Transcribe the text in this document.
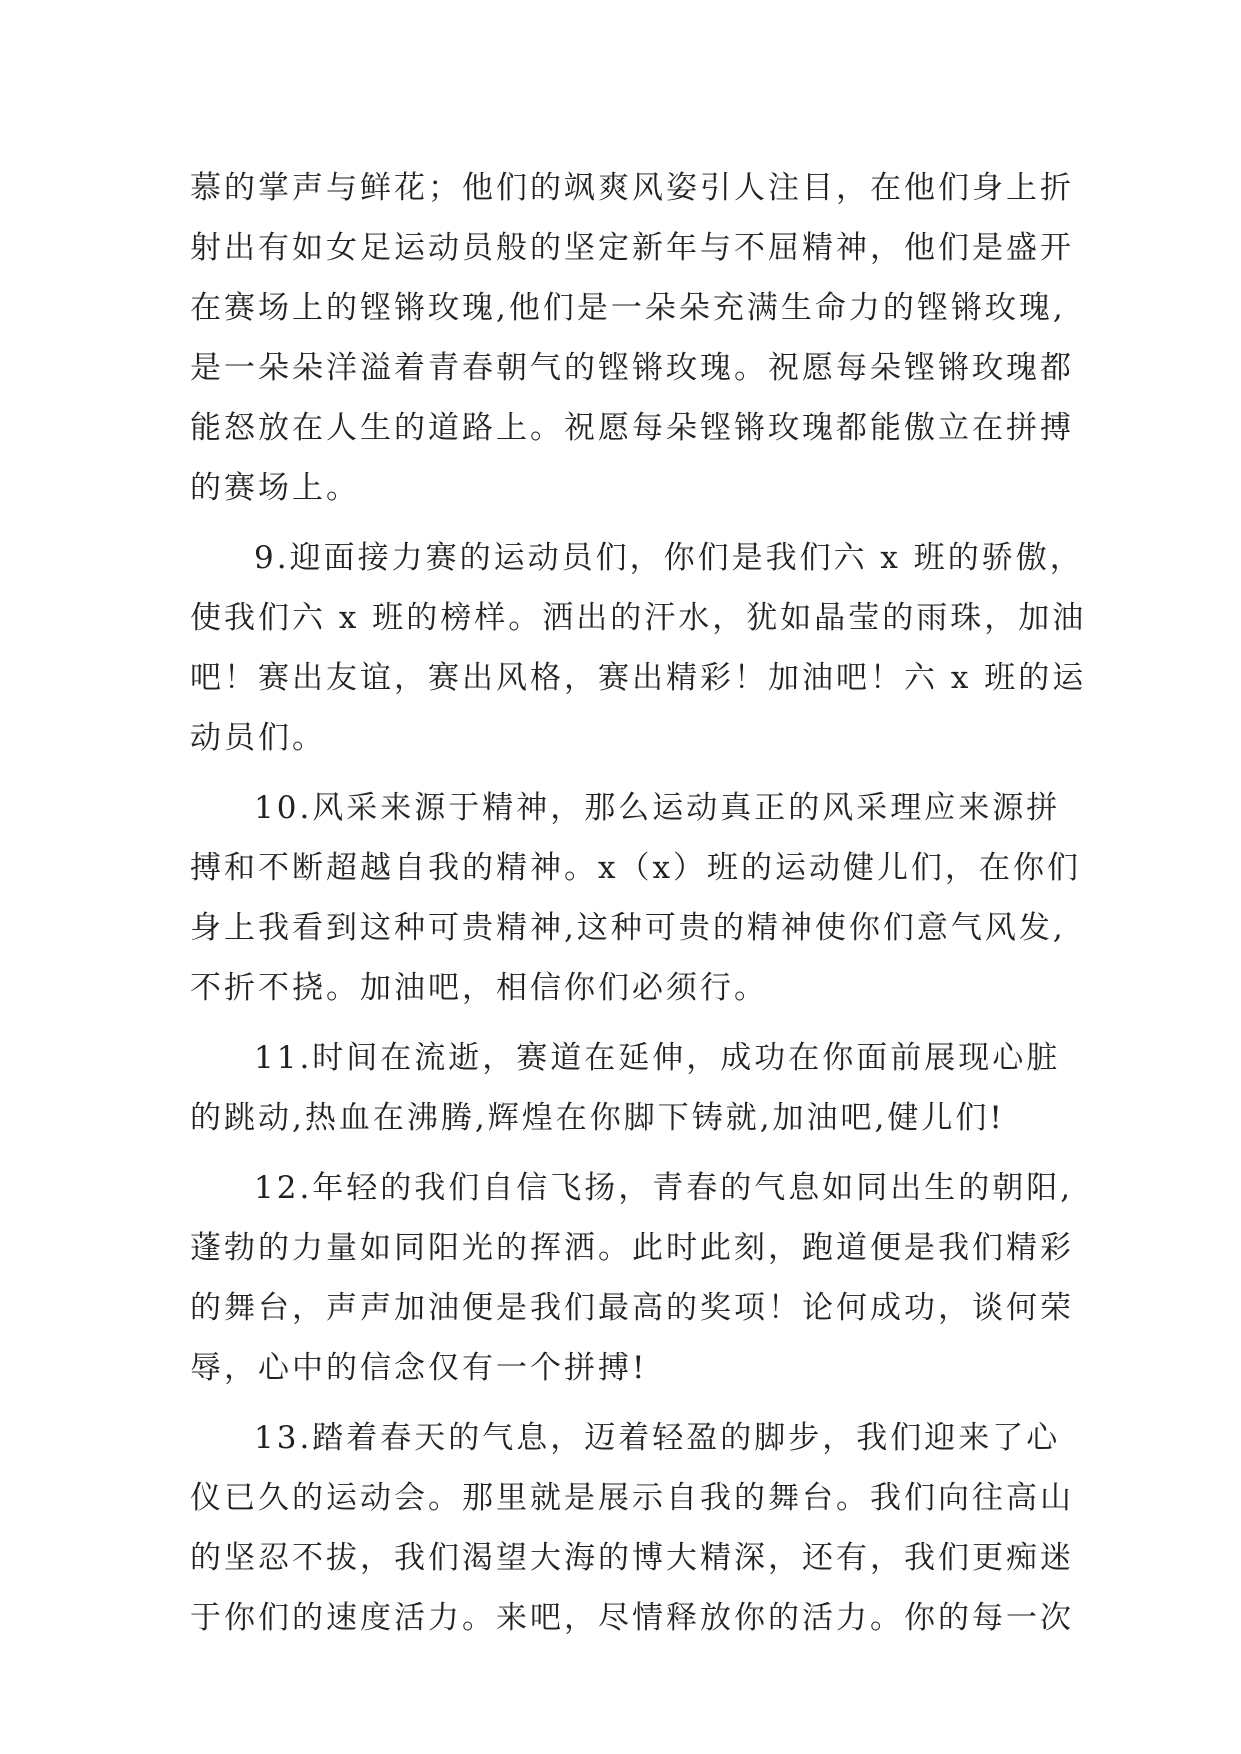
慕的掌声与鲜花；他们的飒爽风姿引人注目，在他们身上折
射出有如女足运动员般的坚定新年与不屈精神，他们是盛开
在赛场上的铿锵玫瑰,他们是一朵朵充满生命力的铿锵玫瑰,
是一朵朵洋溢着青春朝气的铿锵玫瑰。祝愿每朵铿锵玫瑰都
能怒放在人生的道路上。祝愿每朵铿锵玫瑰都能傲立在拼搏
的赛场上。
9.迎面接力赛的运动员们，你们是我们六 x 班的骄傲，
使我们六 x 班的榜样。洒出的汗水，犹如晶莹的雨珠，加油
吧！赛出友谊，赛出风格，赛出精彩！加油吧！六 x 班的运
动员们。
10.风采来源于精神，那么运动真正的风采理应来源拼
搏和不断超越自我的精神。x（x）班的运动健儿们，在你们
身上我看到这种可贵精神,这种可贵的精神使你们意气风发,
不折不挠。加油吧，相信你们必须行。
11.时间在流逝，赛道在延伸，成功在你面前展现心脏
的跳动,热血在沸腾,辉煌在你脚下铸就,加油吧,健儿们!
12.年轻的我们自信飞扬，青春的气息如同出生的朝阳,
蓬勃的力量如同阳光的挥洒。此时此刻，跑道便是我们精彩
的舞台，声声加油便是我们最高的奖项！论何成功，谈何荣
辱，心中的信念仅有一个拼搏!
13.踏着春天的气息，迈着轻盈的脚步，我们迎来了心
仪已久的运动会。那里就是展示自我的舞台。我们向往高山
的坚忍不拔，我们渴望大海的博大精深，还有，我们更痴迷
于你们的速度活力。来吧，尽情释放你的活力。你的每一次
